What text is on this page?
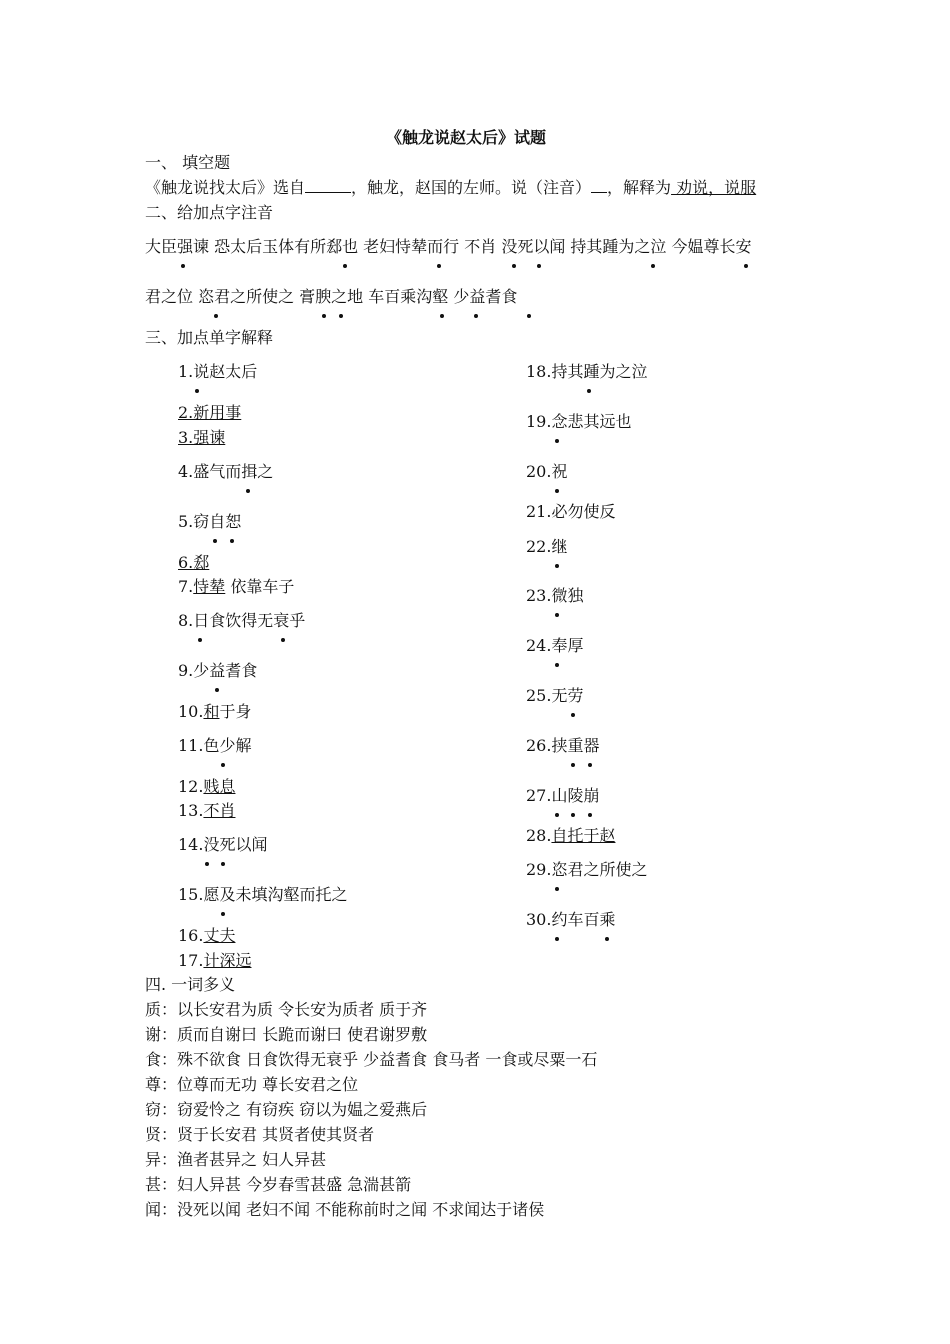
《触龙说赵太后》试题
一、 填空题
《触龙说找太后》选自	，触龙，赵国的左师。说（注音） ，解释为 劝说，说服
二、给加点字注音
大臣强谏 恐太后玉体有所郄也 老妇恃辇而行 不肖 没死以闻 持其踵为之泣 今媪尊长安
君之位 恣君之所使之 膏腴之地 车百乘沟壑 少益耆食
三、加点单字解释
1.说赵太后
2.新用事
3.强谏
4.盛气而揖之
5.窃自恕
6.郄
7.恃辇 依靠车子
8.日食饮得无衰乎
9.少益耆食
10.和于身
11.色少解
12.贱息
13.不肖
14.没死以闻
15.愿及未填沟壑而托之
16.丈夫
17.计深远
18.持其踵为之泣
19.念悲其远也
20.祝
21.必勿使反
22.继
23.微独
24.奉厚
25.无劳
26.挟重器
27.山陵崩
28.自托于赵
29.恣君之所使之
30.约车百乘
四. 一词多义
质：以长安君为质 令长安为质者 质于齐
谢：质而自谢曰 长跪而谢曰 使君谢罗敷
食：殊不欲食 日食饮得无衰乎 少益耆食 食马者 一食或尽粟一石
尊：位尊而无功 尊长安君之位
窃：窃爱怜之 有窃疾 窃以为媪之爱燕后
贤：贤于长安君 其贤者使其贤者
异：渔者甚异之 妇人异甚
甚：妇人异甚 今岁春雪甚盛 急湍甚箭
闻：没死以闻 老妇不闻 不能称前时之闻 不求闻达于诸侯
